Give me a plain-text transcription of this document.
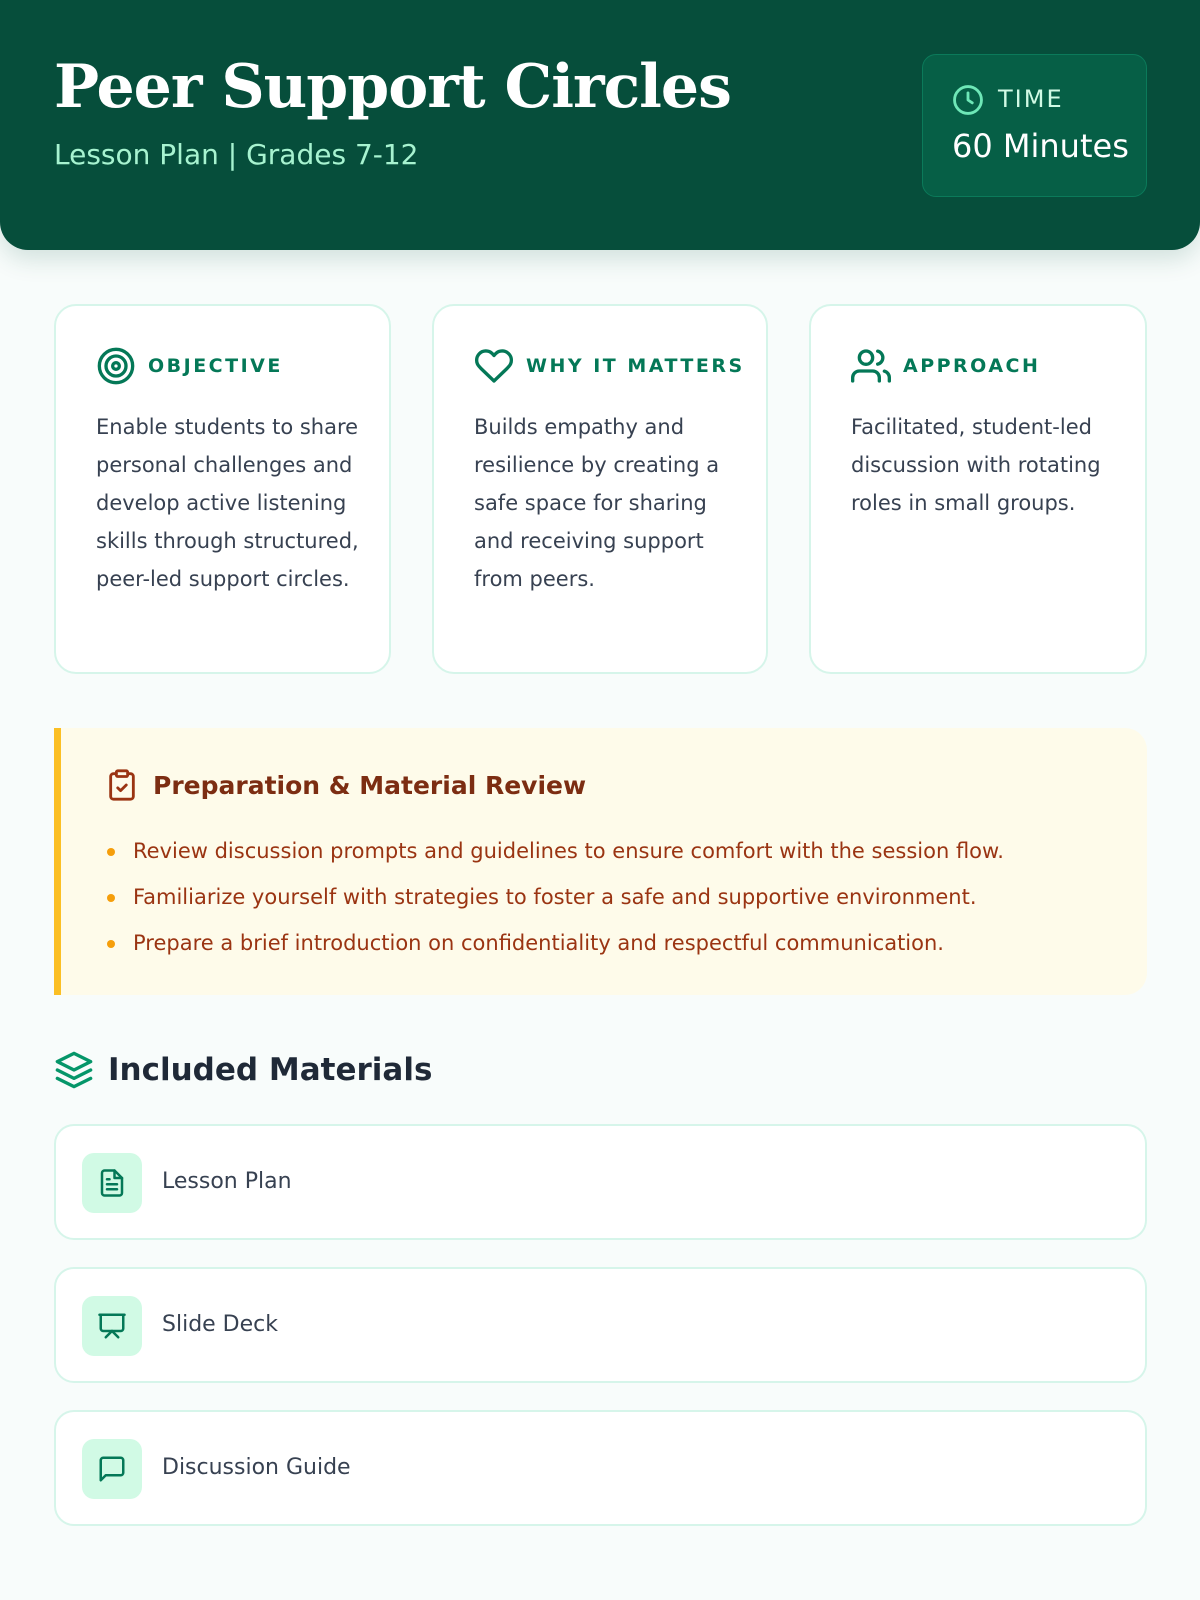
Peer Support Circles
Lesson Plan | Grades 7-12
TIME
60 Minutes
OBJECTIVE
Enable students to share personal challenges and develop active listening skills through structured, peer-led support circles.
WHY IT MATTERS
Builds empathy and resilience by creating a safe space for sharing and receiving support from peers.
APPROACH
Facilitated, student-led discussion with rotating roles in small groups.
Preparation & Material Review
Review discussion prompts and guidelines to ensure comfort with the session flow.
Familiarize yourself with strategies to foster a safe and supportive environment.
Prepare a brief introduction on confidentiality and respectful communication.
Included Materials
Lesson Plan
Slide Deck
Discussion Guide
